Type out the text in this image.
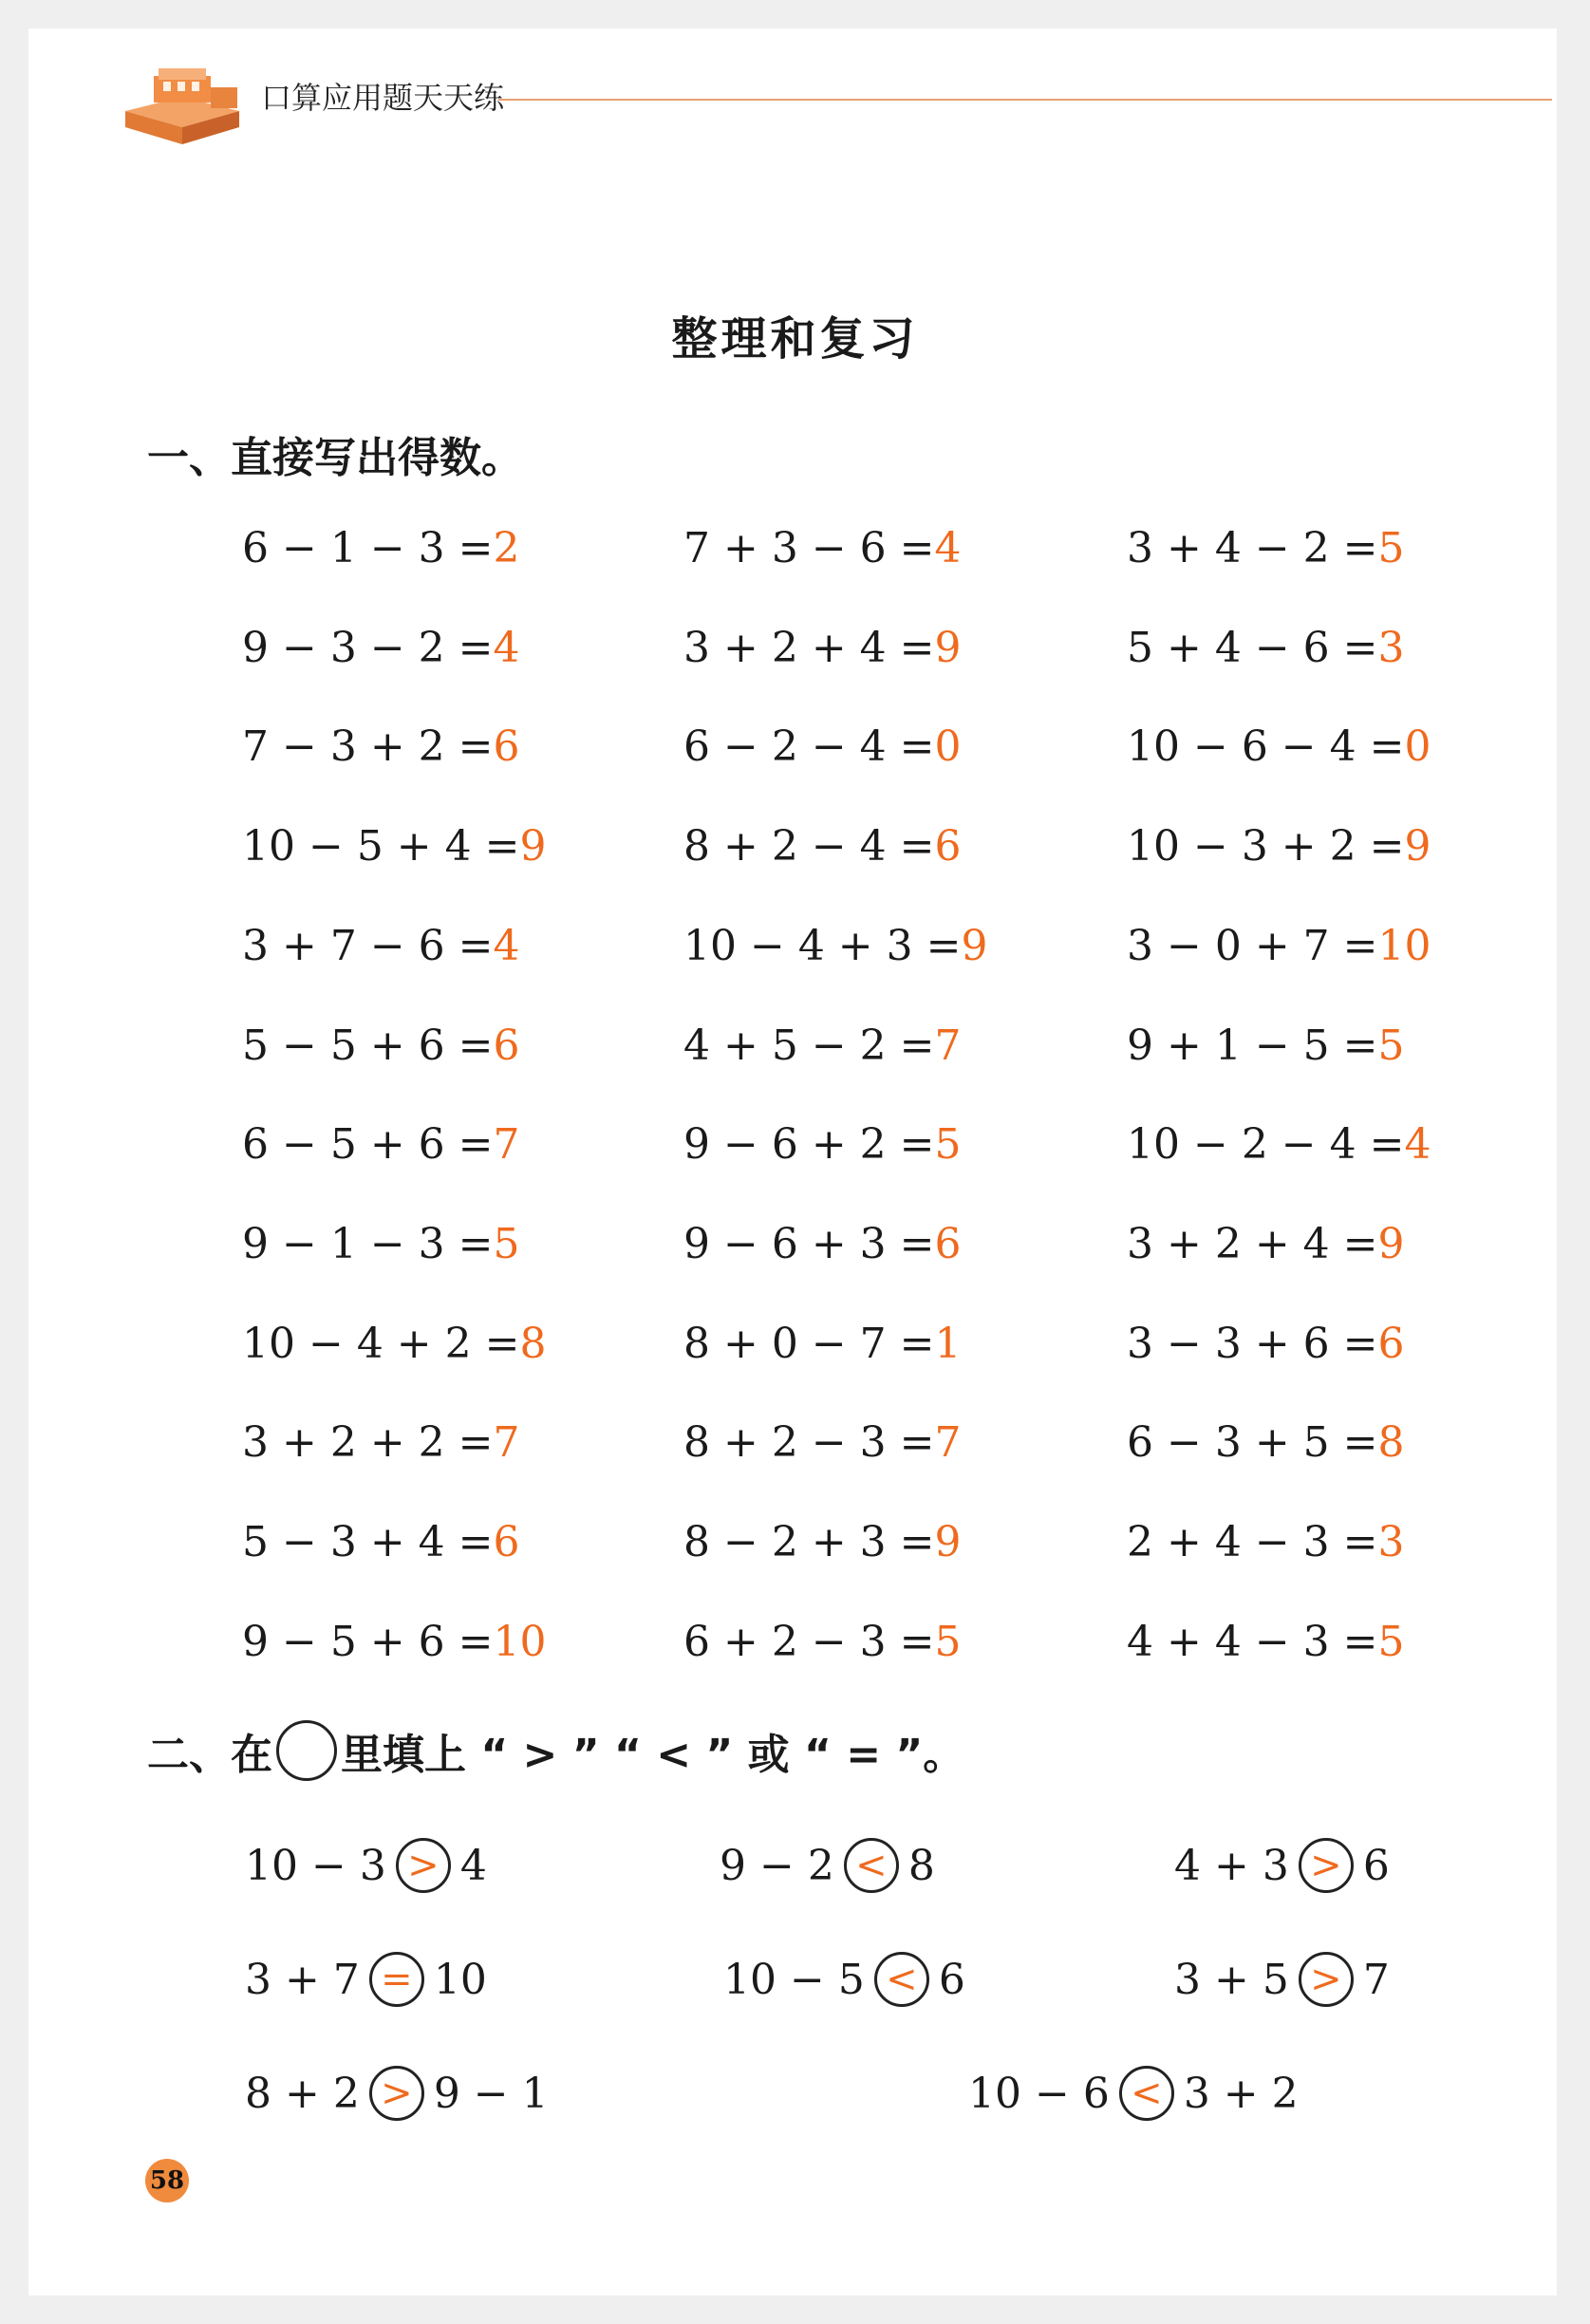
口算应用题天天练
整理和复习
一、直接写出得数。
6 − 1 − 3 =2	7 + 3 − 6 =4	3 + 4 − 2 =5
9 − 3 − 2 =4	3 + 2 + 4 =9	5 + 4 − 6 =3
7 − 3 + 2 =6	6 − 2 − 4 =0	10 − 6 − 4 =0
10 − 5 + 4 =9	8 + 2 − 4 =6	10 − 3 + 2 =9
3 + 7 − 6 =4	10 − 4 + 3 =9	3 − 0 + 7 =10
5 − 5 + 6 =6	4 + 5 − 2 =7	9 + 1 − 5 =5
6 − 5 + 6 =7	9 − 6 + 2 =5	10 − 2 − 4 =4
9 − 1 − 3 =5	9 − 6 + 3 =6	3 + 2 + 4 =9
10 − 4 + 2 =8	8 + 0 − 7 =1	3 − 3 + 6 =6
3 + 2 + 2 =7	8 + 2 − 3 =7	6 − 3 + 5 =8
5 − 3 + 4 =6	8 − 2 + 3 =9	2 + 4 − 3 =3
9 − 5 + 6 =10	6 + 2 − 3 =5	4 + 4 − 3 =5
二、在 里填上 “ > ” “ < ” 或 “ = ”。
10 − 3 > 4	9 − 2 < 8	4 + 3 > 6
3 + 7 = 10	10 − 5 < 6	3 + 5 > 7
8 + 2 > 9 − 1	10 − 6 < 3 + 2
58
